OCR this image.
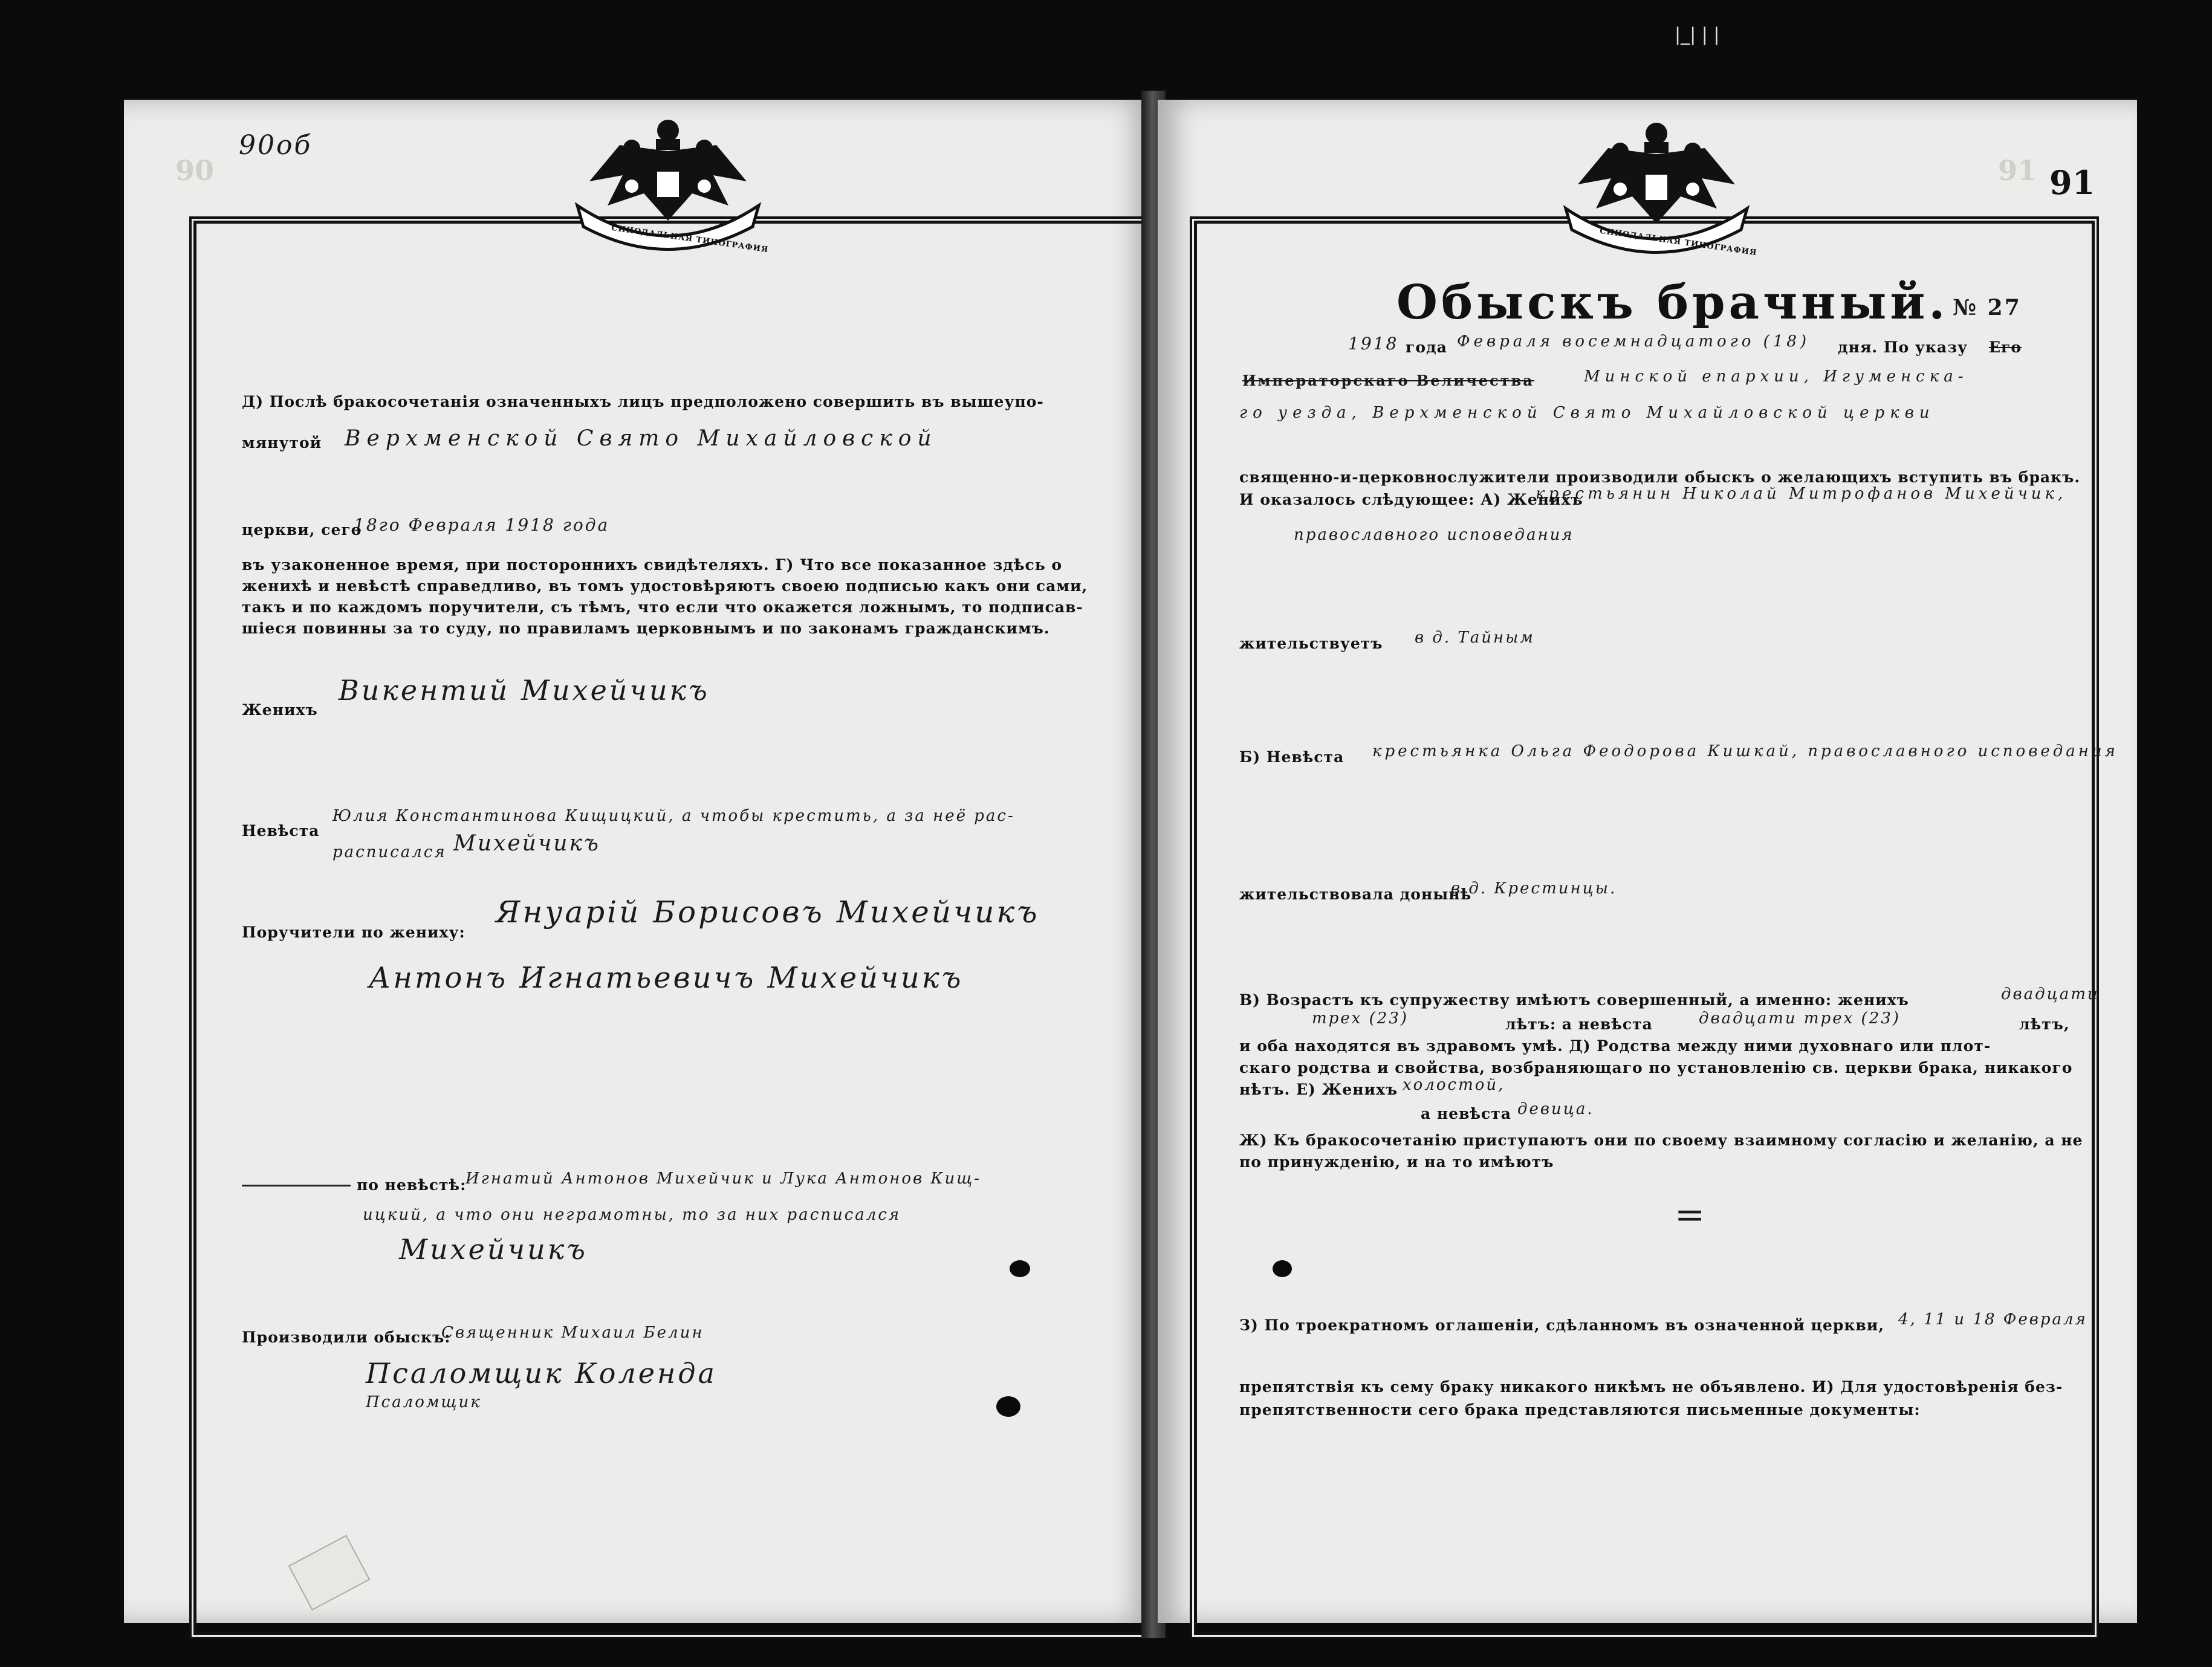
|_| | |
90
90об
СИНОДАЛЬНАЯ ТИПОГРАФИЯ
Д) Послѣ бракосочетанія означенныхъ лицъ предположено совершить въ вышеупо-
мянутой Верхменской Свято Михайловской
церкви, сего
18го Февраля 1918 года
въ узаконенное время, при постороннихъ свидѣтеляхъ. Г) Что все показанное здѣсь о
женихѣ и невѣстѣ справедливо, въ томъ удостовѣряютъ своею подписью какъ они сами,
такъ и по каждомъ поручители, съ тѣмъ, что если что окажется ложнымъ, то подписав-
шіеся повинны за то суду, по правиламъ церковнымъ и по законамъ гражданскимъ.
Женихъ
Викентий Михейчикъ
Невѣста
Юлия Константинова Кищицкий, а чтобы крестить, а за неё рас-
расписался Михейчикъ
Поручители по жениху:
Януарій Борисовъ Михейчикъ
Антонъ Игнатьевичъ Михейчикъ
по невѣстѣ:
Игнатий Антонов Михейчик и Лука Антонов Кищ-
ицкий, а что они неграмотны, то за них расписался
Михейчикъ
Производили обыскъ:
Священник Михаил Белин
Псаломщик Коленда
Псаломщик
91 91
СИНОДАЛЬНАЯ ТИПОГРАФИЯ
Обыскъ брачный. № 27
1918 года Февраля восемнадцатого (18) дня. По указу Его
Императорскаго Величества	Минской епархии, Игуменска-
го уезда, Верхменской Свято Михайловской церкви
священно-и-церковнослужители производили обыскъ о желающихъ вступить въ бракъ.
И оказалось слѣдующее: А) Женихъ
крестьянин Николай Митрофанов Михейчик,
православного исповедания
жительствуетъ в д. Тайным
Б) Невѣста крестьянка Ольга Феодорова Кишкай, православного исповедания
жительствовала донынѣ
в д. Крестинцы.
В) Возрастъ къ супружеству имѣютъ совершенный, а именно: женихъ	двадцати
трех (23)	лѣтъ: а невѣста	двадцати трех (23)	лѣтъ,
и оба находятся въ здравомъ умѣ. Д) Родства между ними духовнаго или плот-
скаго родства и свойства, возбраняющаго по установленію св. церкви брака, никакого
нѣтъ. Е) Женихъ холостой,
а невѣста девица.
Ж) Къ бракосочетанію приступаютъ они по своему взаимному согласію и желанію, а не
по принужденію, и на то имѣютъ
=
З) По троекратномъ оглашеніи, сдѣланномъ въ означенной церкви, 4, 11 и 18 Февраля
препятствія къ сему браку никакого никѣмъ не объявлено. И) Для удостовѣренія без-
препятственности сего брака представляются письменные документы:
